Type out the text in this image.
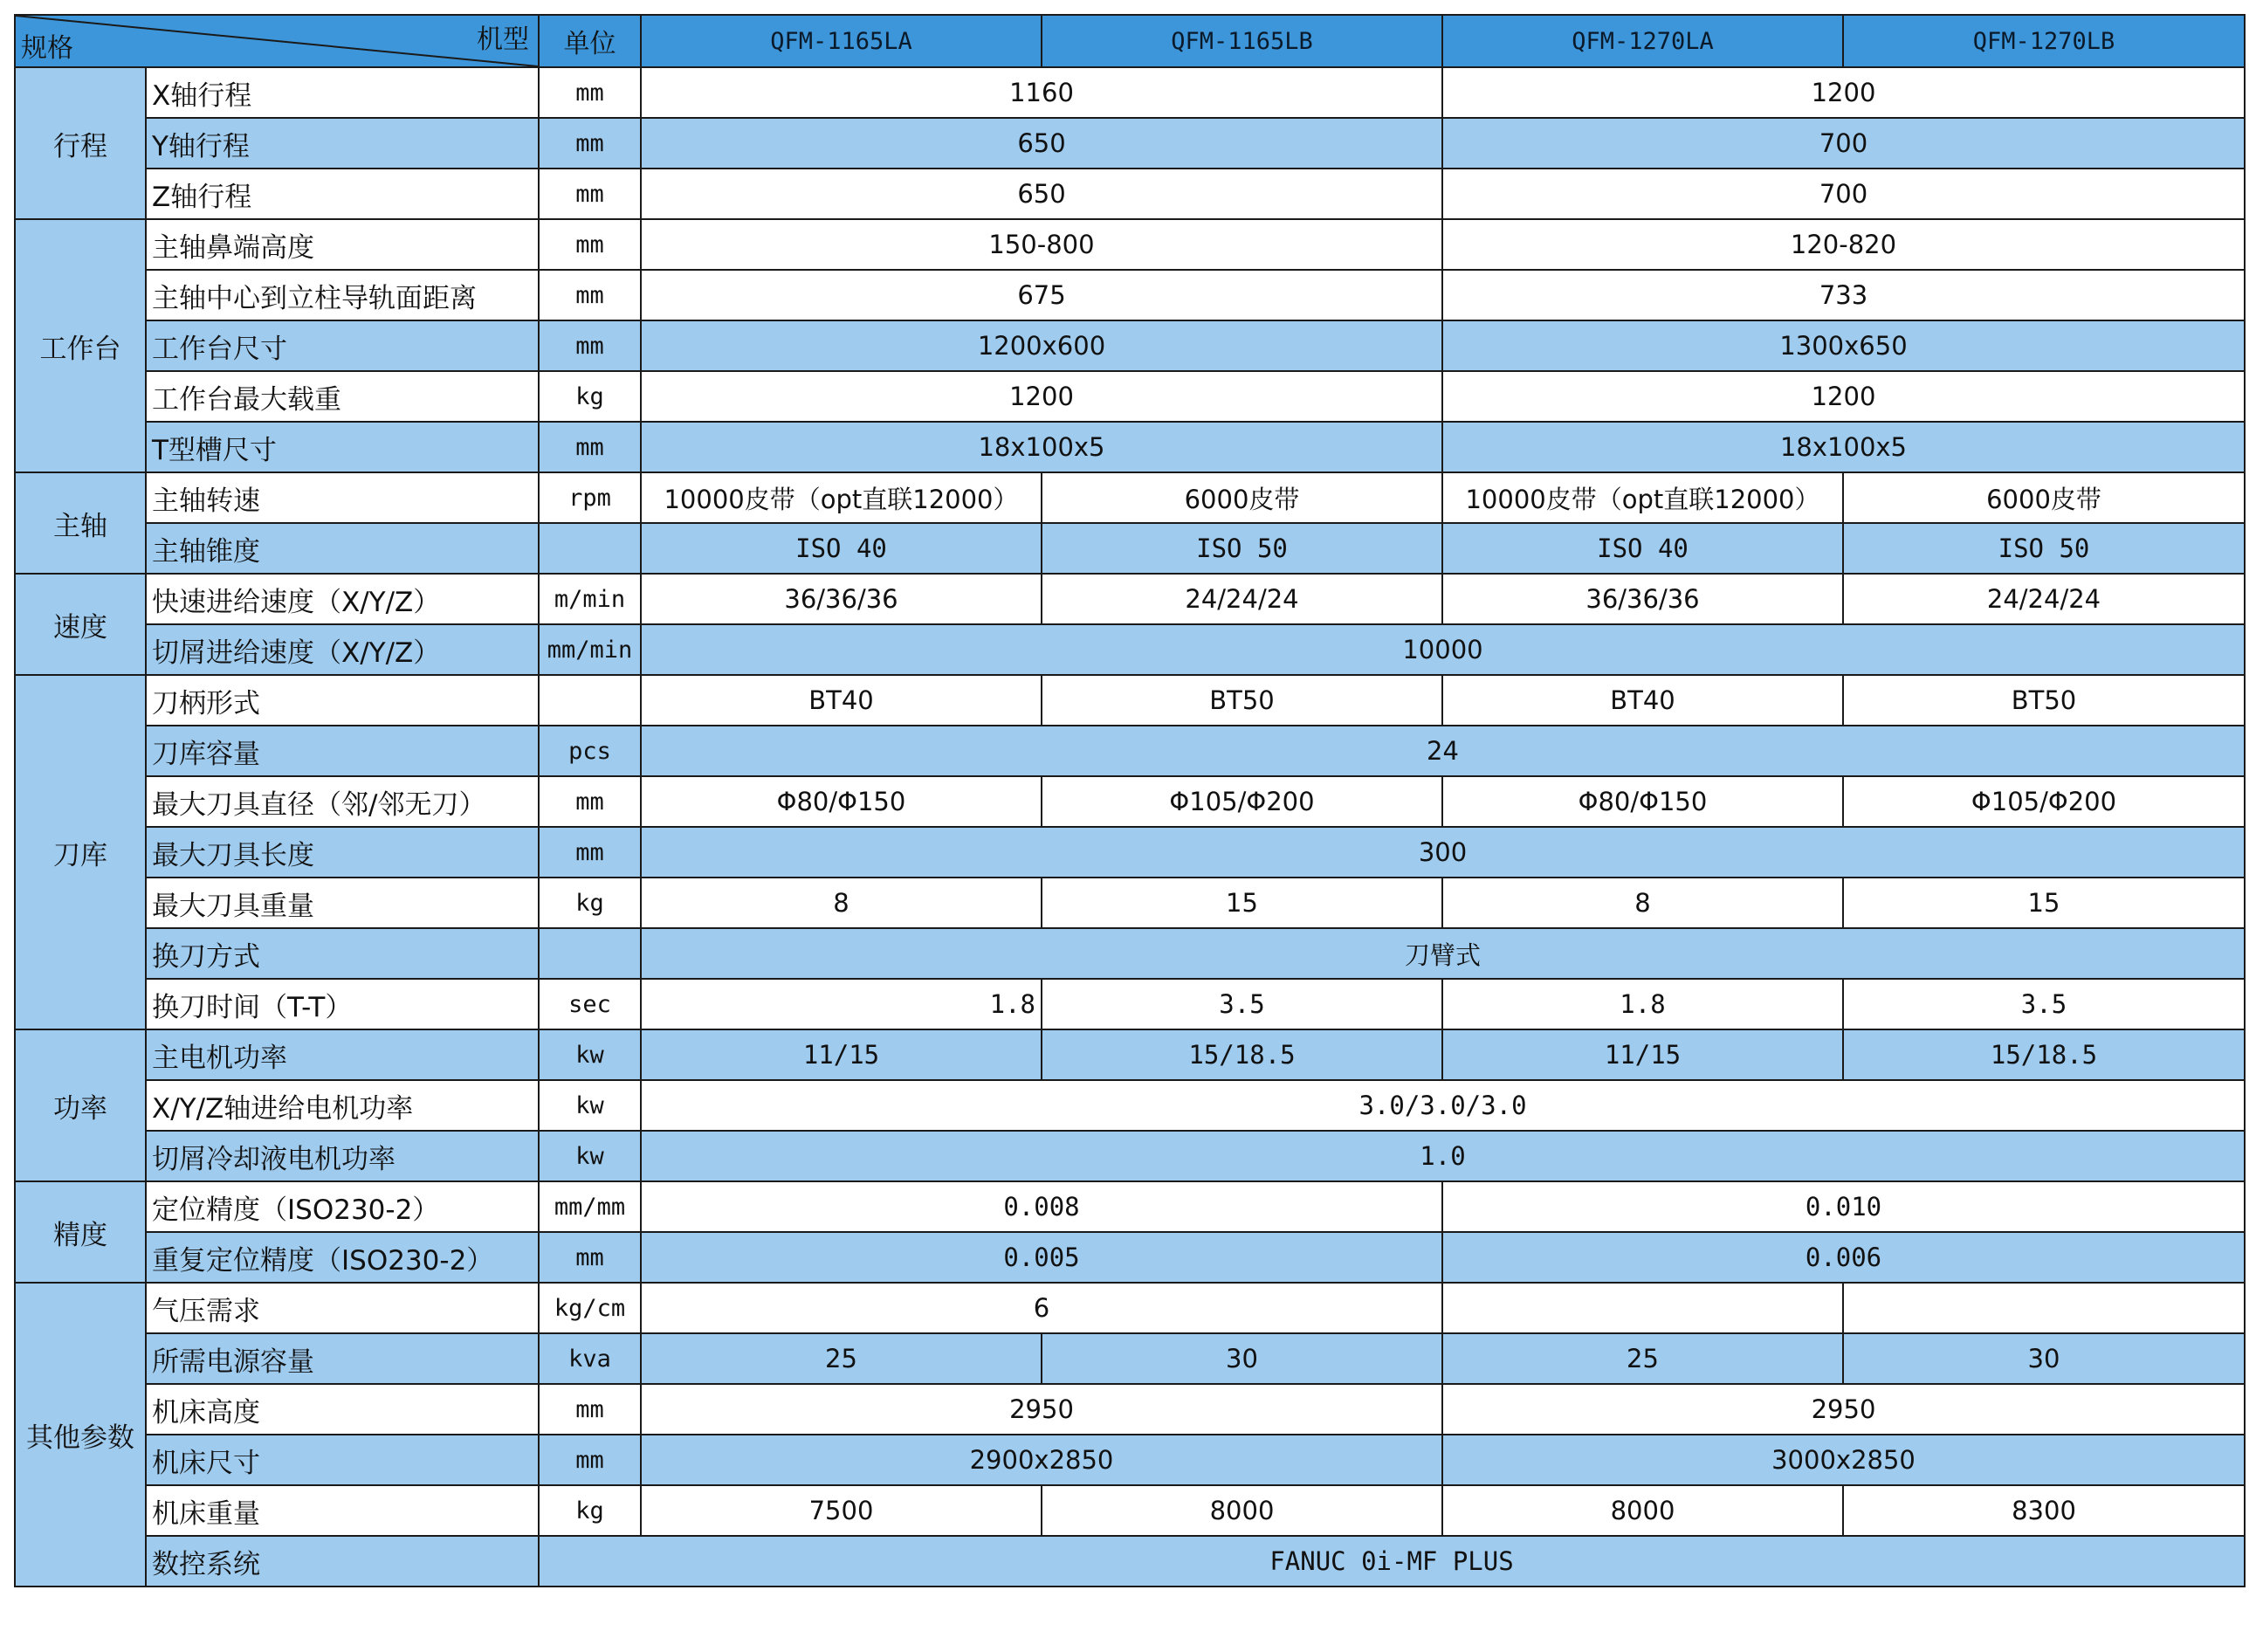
机型
规格		单位	QFM-1165LA	QFM-1165LB	QFM-1270LA	QFM-1270LB
行程	X轴行程	mm	1160		1200	
	Y轴行程	mm	650		700	
	Z轴行程	mm	650		700	
工作台	主轴鼻端高度	mm	150-800		120-820	
	主轴中心到立柱导轨面距离	mm	675		733	
	工作台尺寸	mm	1200x600		1300x650	
	工作台最大载重	kg	1200		1200	
	T型槽尺寸	mm	18x100x5		18x100x5	
主轴	主轴转速	rpm	10000皮带（opt直联12000）	6000皮带	10000皮带（opt直联12000）	6000皮带
	主轴锥度		ISO 40	ISO 50	ISO 40	ISO 50
速度	快速进给速度（X/Y/Z）	m/min	36/36/36	24/24/24	36/36/36	24/24/24
	切屑进给速度（X/Y/Z）	mm/min	10000			
刀库	刀柄形式		BT40	BT50	BT40	BT50
	刀库容量	pcs	24			
	最大刀具直径（邻/邻无刀）	mm	Φ80/Φ150	Φ105/Φ200	Φ80/Φ150	Φ105/Φ200
	最大刀具长度	mm	300			
	最大刀具重量	kg	8	15	8	15
	换刀方式		刀臂式			
	换刀时间（T-T）	sec	1.8	3.5	1.8	3.5
功率	主电机功率	kw	11/15	15/18.5	11/15	15/18.5
	X/Y/Z轴进给电机功率	kw	3.0/3.0/3.0			
	切屑冷却液电机功率	kw	1.0			
精度	定位精度（ISO230-2）	mm/mm	0.008		0.010	
	重复定位精度（ISO230-2）	mm	0.005		0.006	
其他参数	气压需求	kg/cm	6			
	所需电源容量	kva	25	30	25	30
	机床高度	mm	2950		2950	
	机床尺寸	mm	2900x2850		3000x2850	
	机床重量	kg	7500	8000	8000	8300
	数控系统	FANUC 0i-MF PLUS				
